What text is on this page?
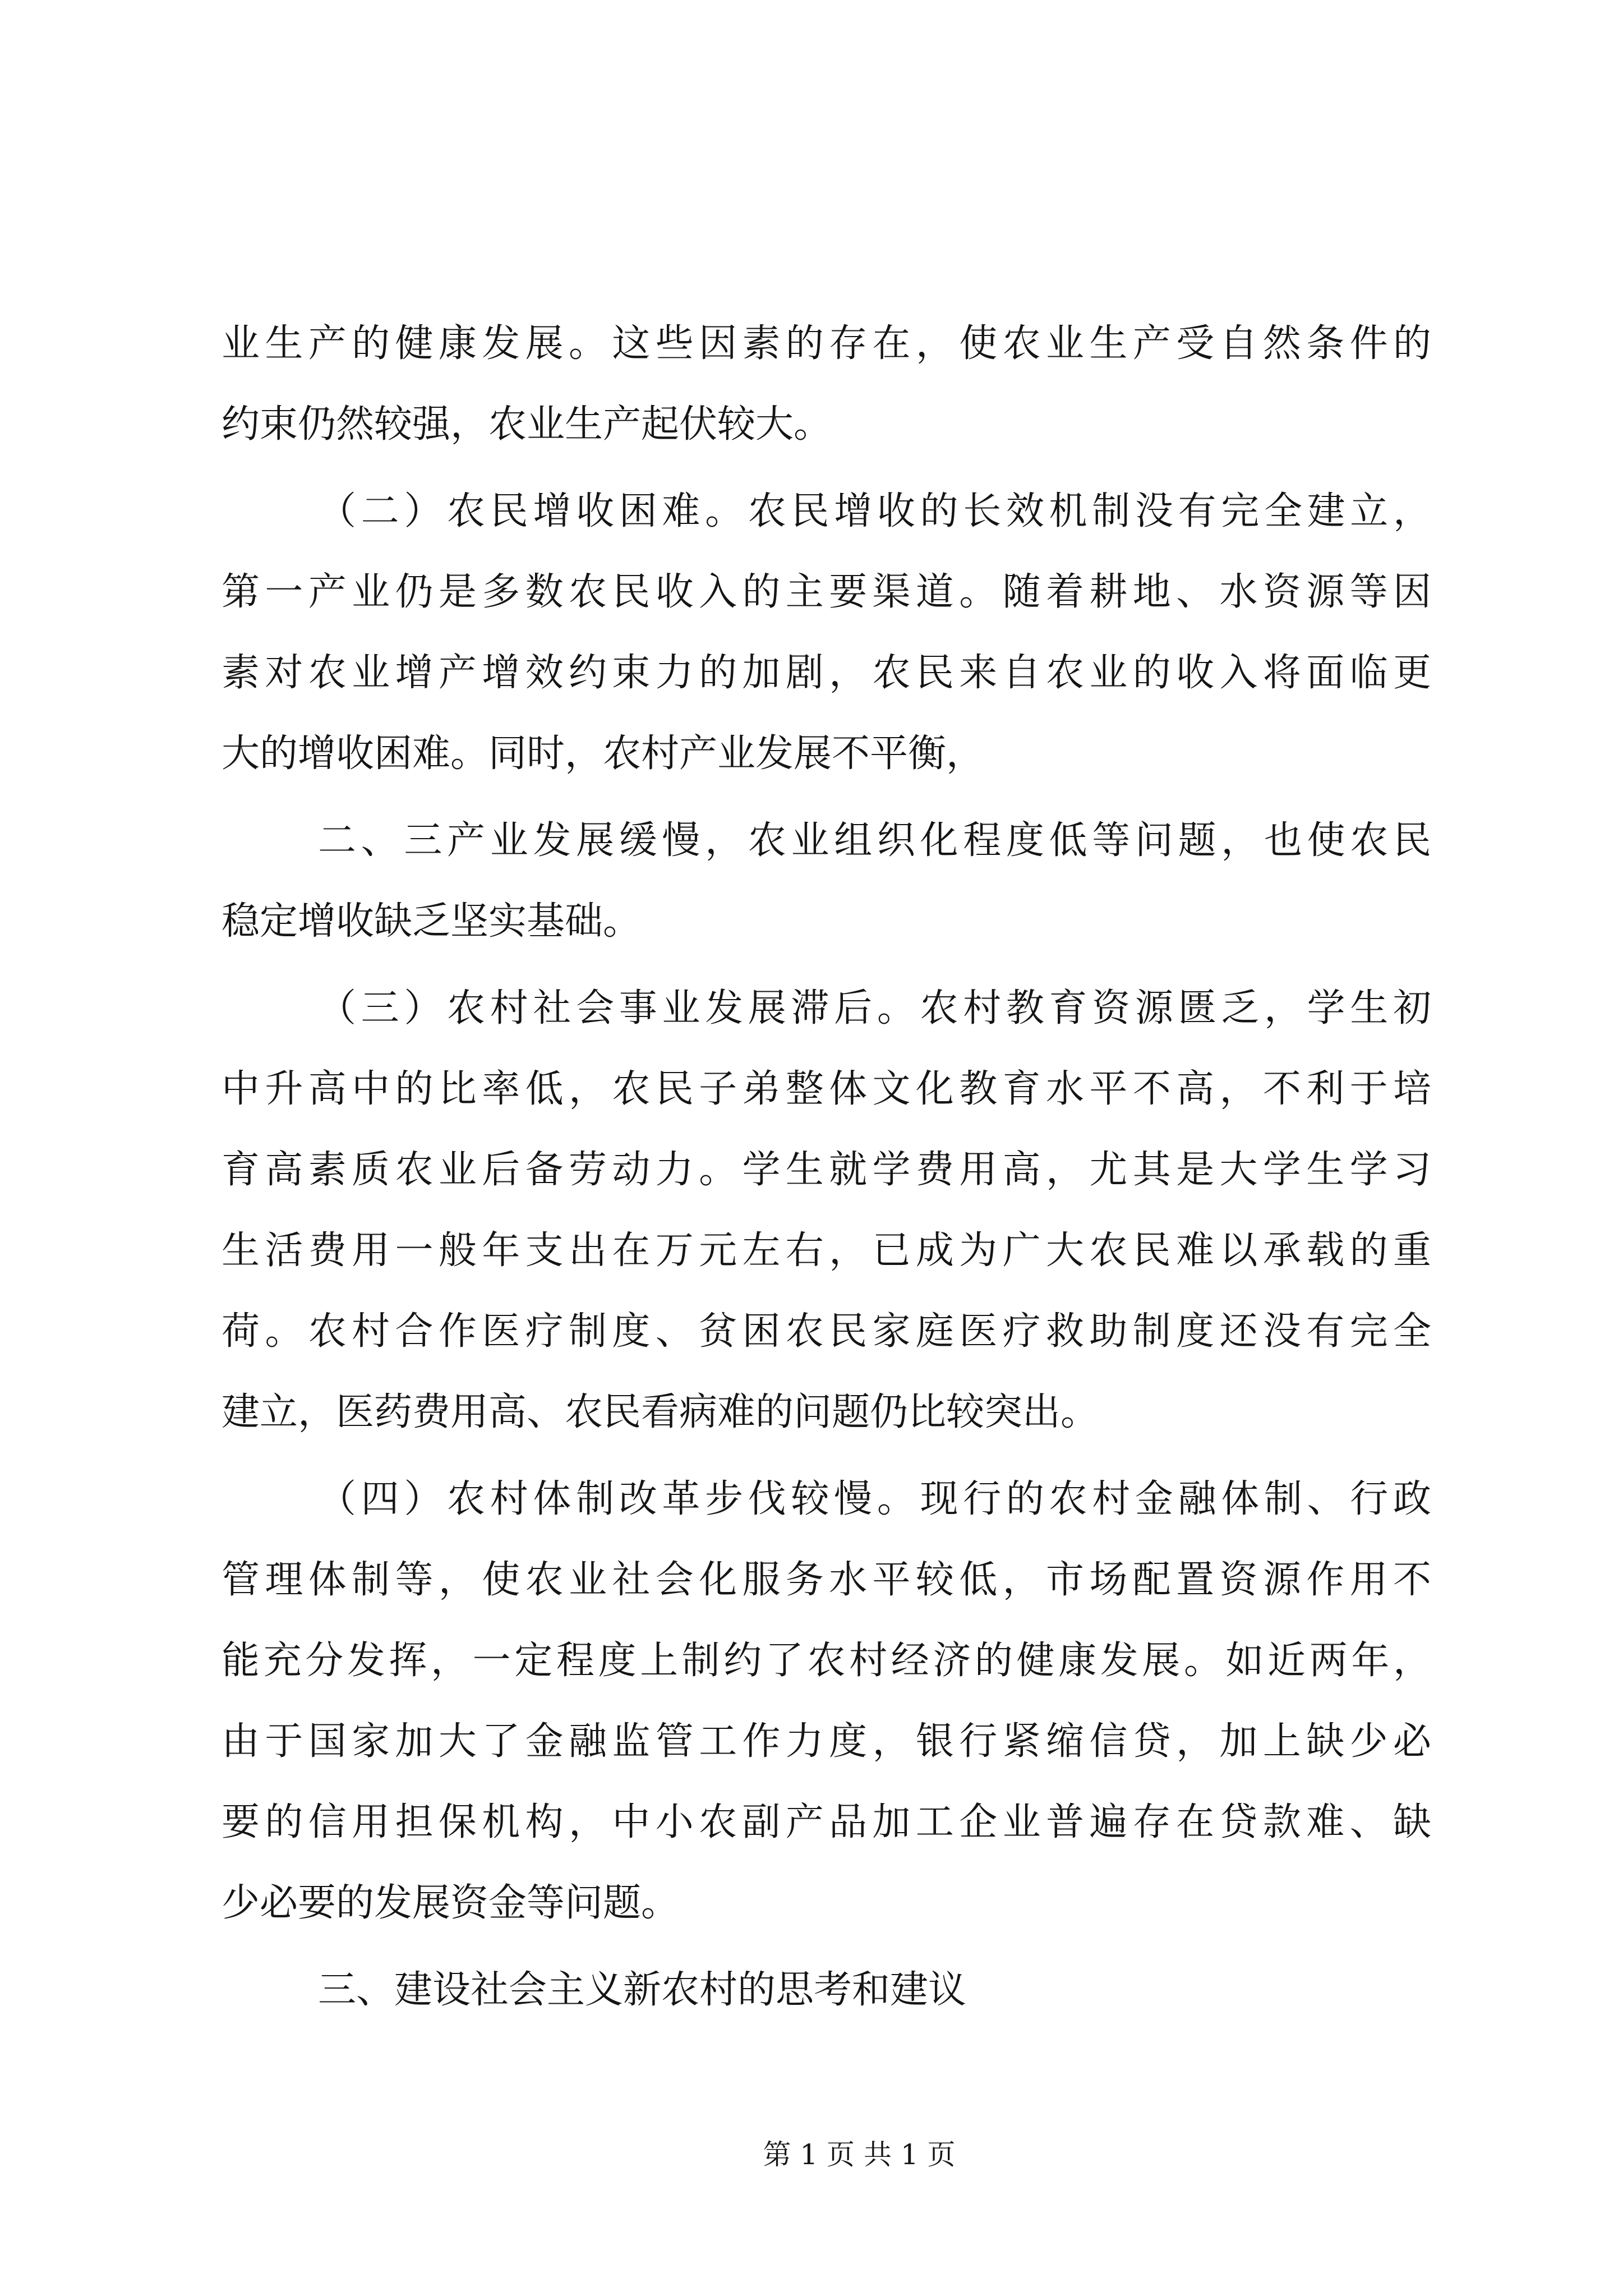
业生产的健康发展。这些因素的存在，使农业生产受自然条件的
约束仍然较强，农业生产起伏较大。
（二）农民增收困难。农民增收的长效机制没有完全建立，
第一产业仍是多数农民收入的主要渠道。随着耕地、水资源等因
素对农业增产增效约束力的加剧，农民来自农业的收入将面临更
大的增收困难。同时，农村产业发展不平衡，
二、三产业发展缓慢，农业组织化程度低等问题，也使农民
稳定增收缺乏坚实基础。
（三）农村社会事业发展滞后。农村教育资源匮乏，学生初
中升高中的比率低，农民子弟整体文化教育水平不高，不利于培
育高素质农业后备劳动力。学生就学费用高，尤其是大学生学习
生活费用一般年支出在万元左右，已成为广大农民难以承载的重
荷。农村合作医疗制度、贫困农民家庭医疗救助制度还没有完全
建立，医药费用高、农民看病难的问题仍比较突出。
（四）农村体制改革步伐较慢。现行的农村金融体制、行政
管理体制等，使农业社会化服务水平较低，市场配置资源作用不
能充分发挥，一定程度上制约了农村经济的健康发展。如近两年，
由于国家加大了金融监管工作力度，银行紧缩信贷，加上缺少必
要的信用担保机构，中小农副产品加工企业普遍存在贷款难、缺
少必要的发展资金等问题。
三、建设社会主义新农村的思考和建议
第 1 页 共 1 页
